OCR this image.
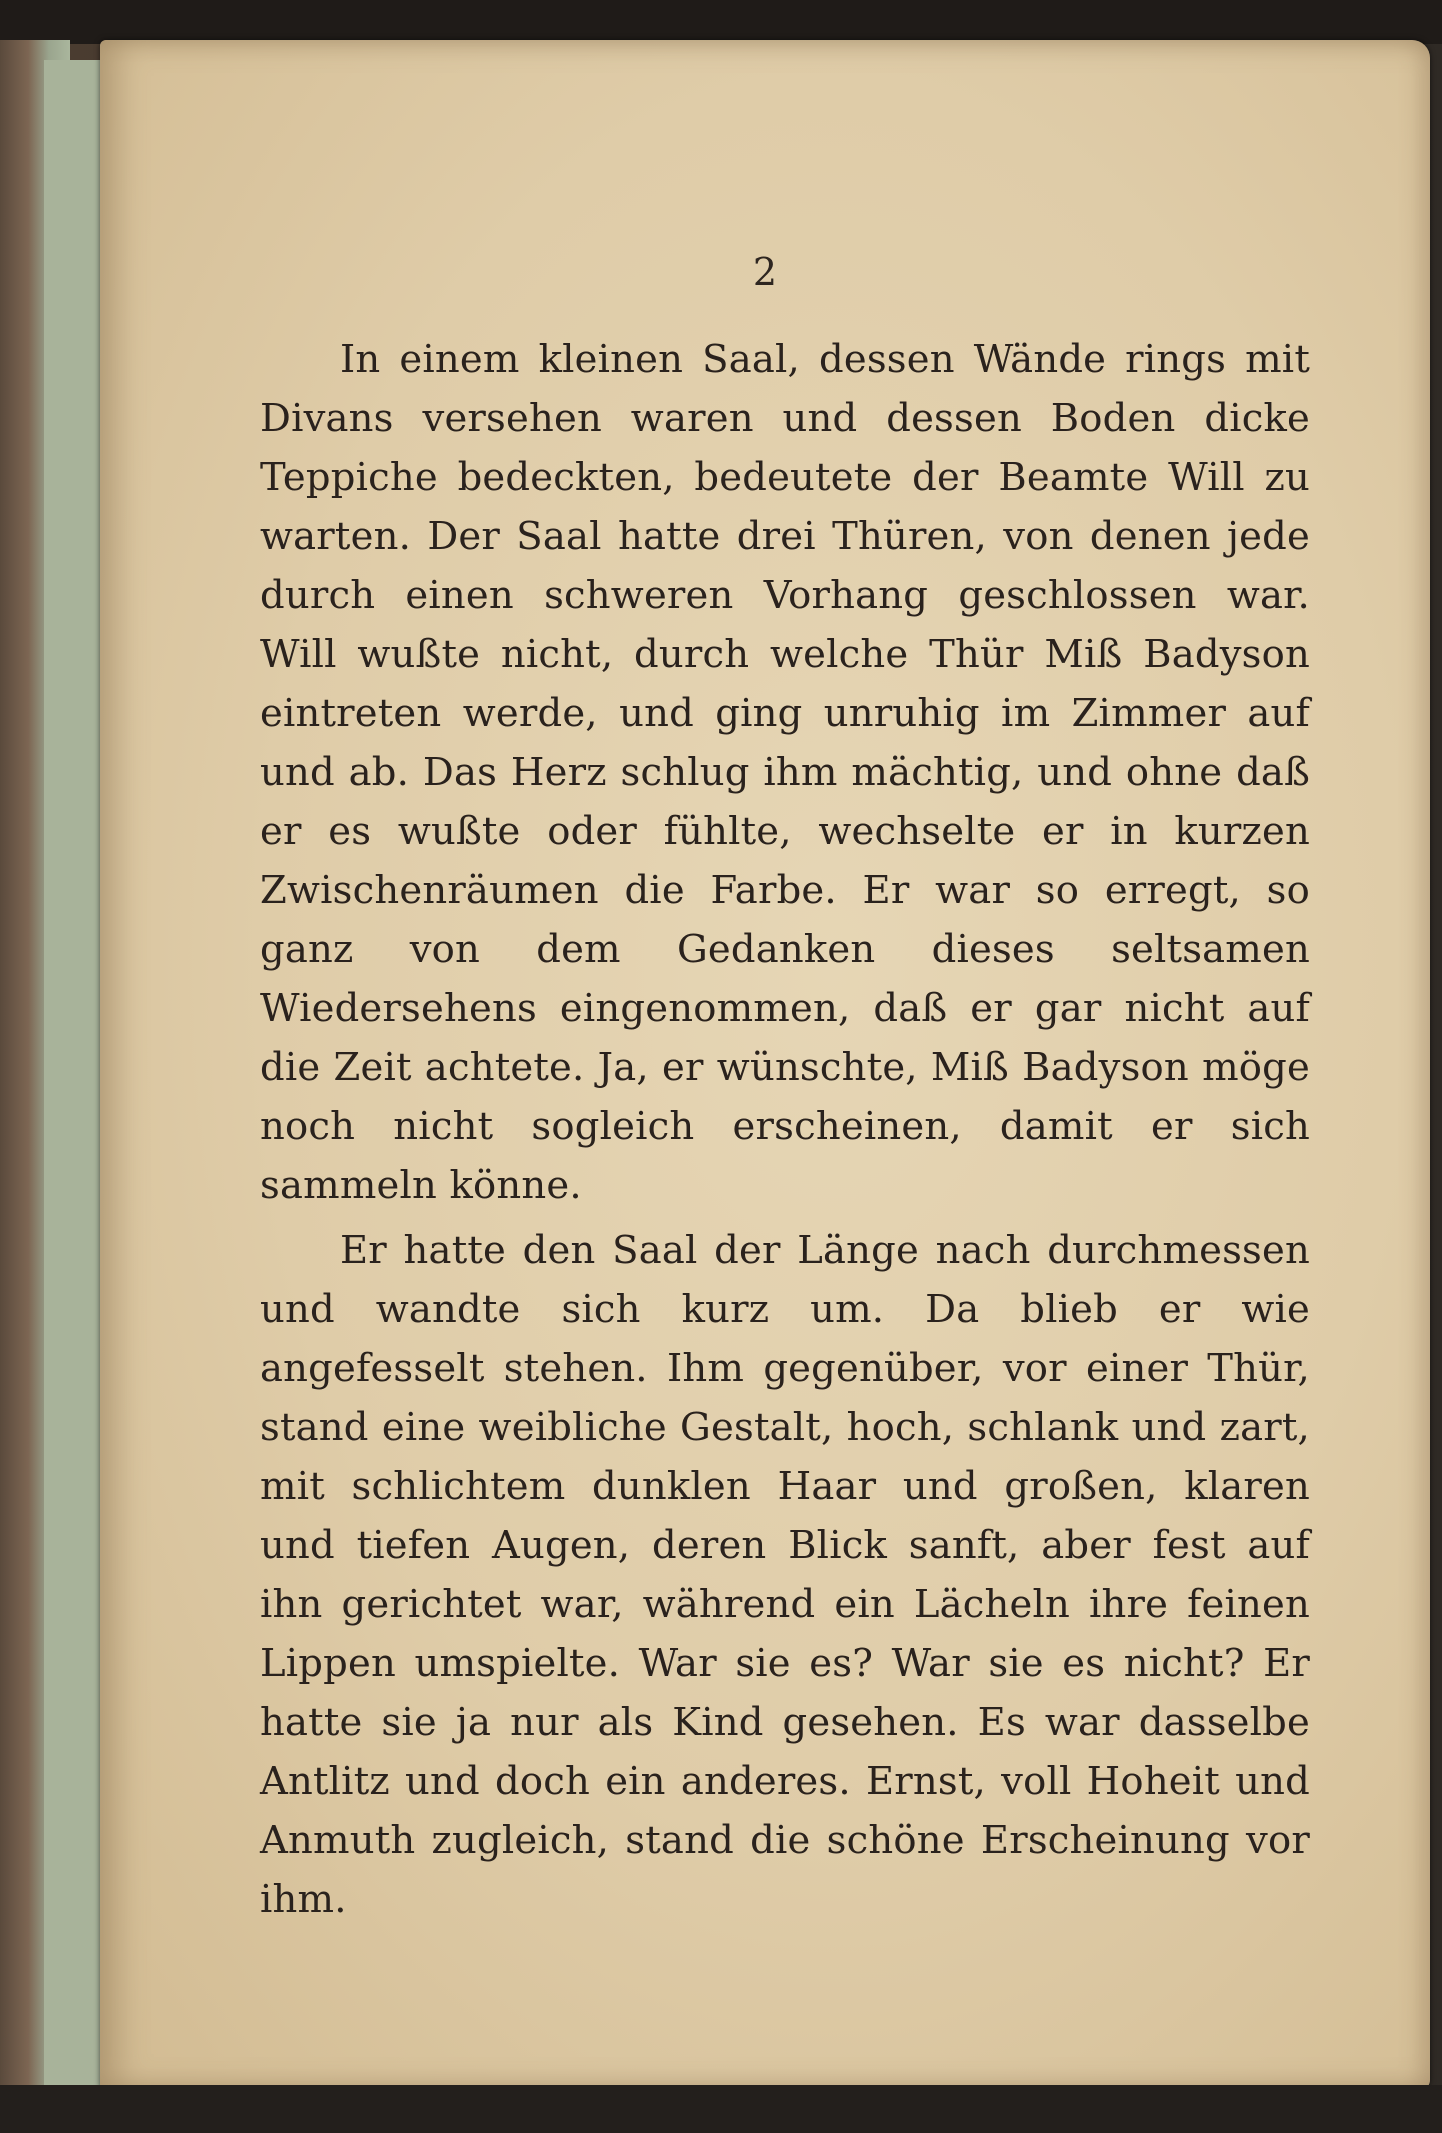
2

In einem kleinen Saal, dessen Wände rings mit Divans versehen waren und dessen Boden dicke Teppiche bedeckten, bedeutete der Beamte Will zu warten. Der Saal hatte drei Thüren, von denen jede durch einen schweren Vorhang geschlossen war. Will wußte nicht, durch welche Thür Miß Badyson eintreten werde, und ging unruhig im Zimmer auf und ab. Das Herz schlug ihm mächtig, und ohne daß er es wußte oder fühlte, wechselte er in kurzen Zwischenräumen die Farbe. Er war so erregt, so ganz von dem Gedanken dieses seltsamen Wiedersehens eingenommen, daß er gar nicht auf die Zeit achtete. Ja, er wünschte, Miß Badyson möge noch nicht sogleich erscheinen, damit er sich sammeln könne.

Er hatte den Saal der Länge nach durchmessen und wandte sich kurz um. Da blieb er wie angefesselt stehen. Ihm gegenüber, vor einer Thür, stand eine weibliche Gestalt, hoch, schlank und zart, mit schlichtem dunklen Haar und großen, klaren und tiefen Augen, deren Blick sanft, aber fest auf ihn gerichtet war, während ein Lächeln ihre feinen Lippen umspielte. War sie es? War sie es nicht? Er hatte sie ja nur als Kind gesehen. Es war dasselbe Antlitz und doch ein anderes. Ernst, voll Hoheit und Anmuth zugleich, stand die schöne Erscheinung vor ihm.
